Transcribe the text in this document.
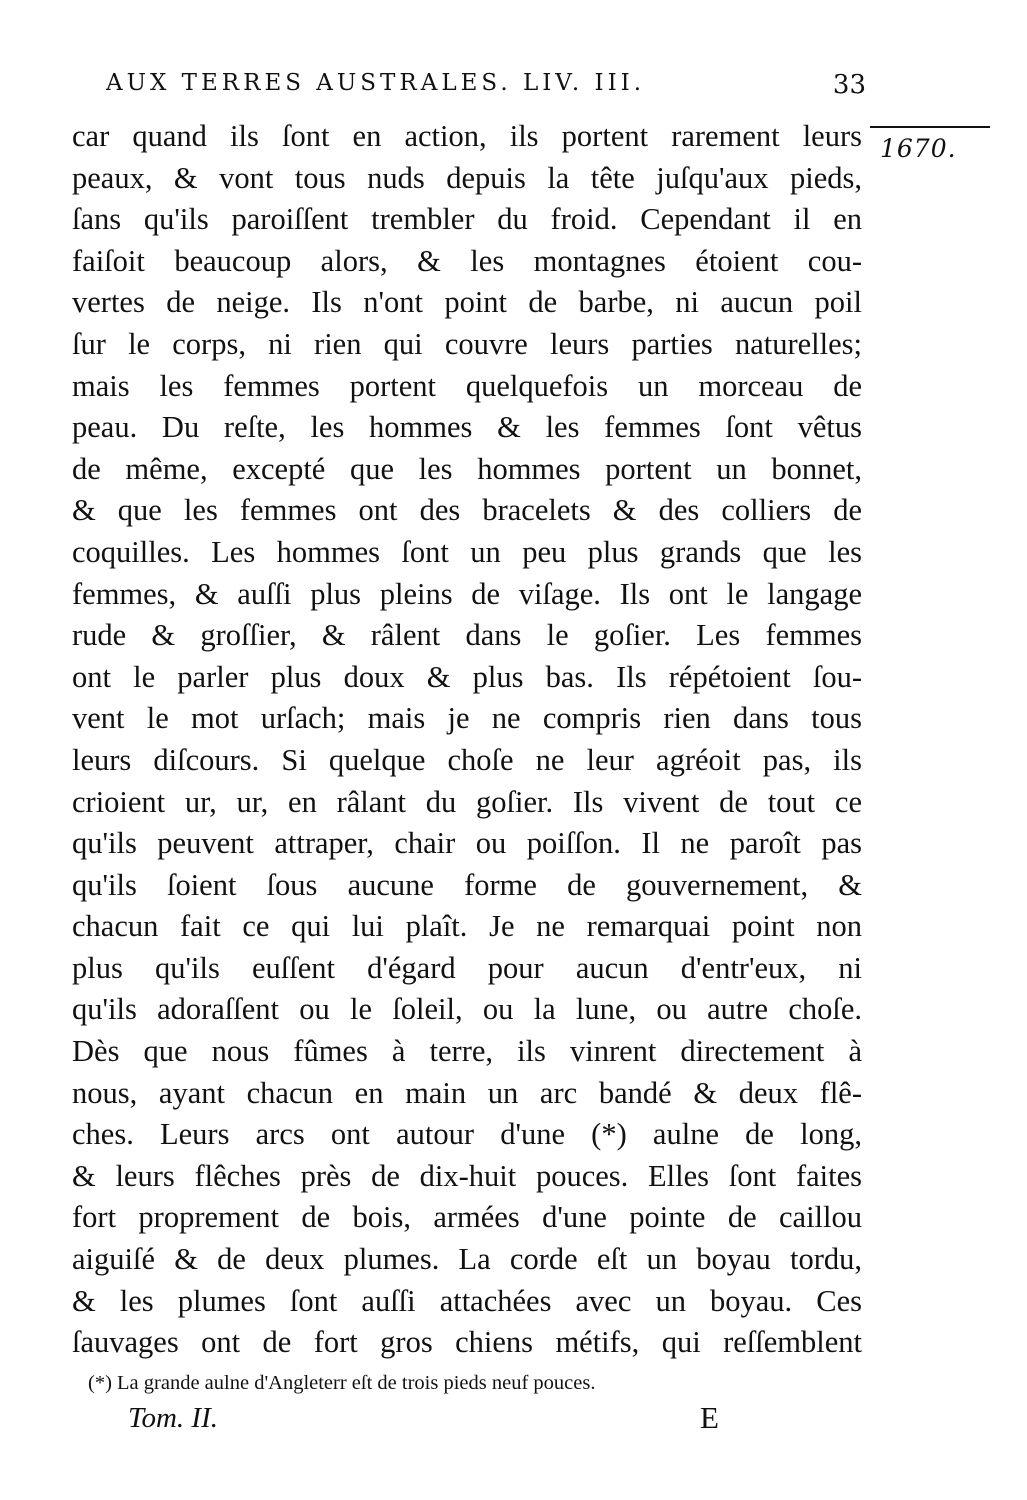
AUX TERRES AUSTRALES. LIV. III.	33
1670.
car quand ils ſont en action, ils portent rarement leurs
peaux, & vont tous nuds depuis la tête juſqu'aux pieds,
ſans qu'ils paroiſſent trembler du froid. Cependant il en
faiſoit beaucoup alors, & les montagnes étoient cou-
vertes de neige. Ils n'ont point de barbe, ni aucun poil
ſur le corps, ni rien qui couvre leurs parties naturelles;
mais les femmes portent quelquefois un morceau de
peau. Du reſte, les hommes & les femmes ſont vêtus
de même, excepté que les hommes portent un bonnet,
& que les femmes ont des bracelets & des colliers de
coquilles. Les hommes ſont un peu plus grands que les
femmes, & auſſi plus pleins de viſage. Ils ont le langage
rude & groſſier, & râlent dans le goſier. Les femmes
ont le parler plus doux & plus bas. Ils répétoient ſou-
vent le mot urſach; mais je ne compris rien dans tous
leurs diſcours. Si quelque choſe ne leur agréoit pas, ils
crioient ur, ur, en râlant du goſier. Ils vivent de tout ce
qu'ils peuvent attraper, chair ou poiſſon. Il ne paroît pas
qu'ils ſoient ſous aucune forme de gouvernement, &
chacun fait ce qui lui plaît. Je ne remarquai point non
plus qu'ils euſſent d'égard pour aucun d'entr'eux, ni
qu'ils adoraſſent ou le ſoleil, ou la lune, ou autre choſe.
Dès que nous fûmes à terre, ils vinrent directement à
nous, ayant chacun en main un arc bandé & deux flê-
ches. Leurs arcs ont autour d'une (*) aulne de long,
& leurs flêches près de dix-huit pouces. Elles ſont faites
fort proprement de bois, armées d'une pointe de caillou
aiguiſé & de deux plumes. La corde eſt un boyau tordu,
& les plumes ſont auſſi attachées avec un boyau. Ces
ſauvages ont de fort gros chiens métifs, qui reſſemblent
(*) La grande aulne d'Angleterr eſt de trois pieds neuf pouces.
Tom. II.	E
